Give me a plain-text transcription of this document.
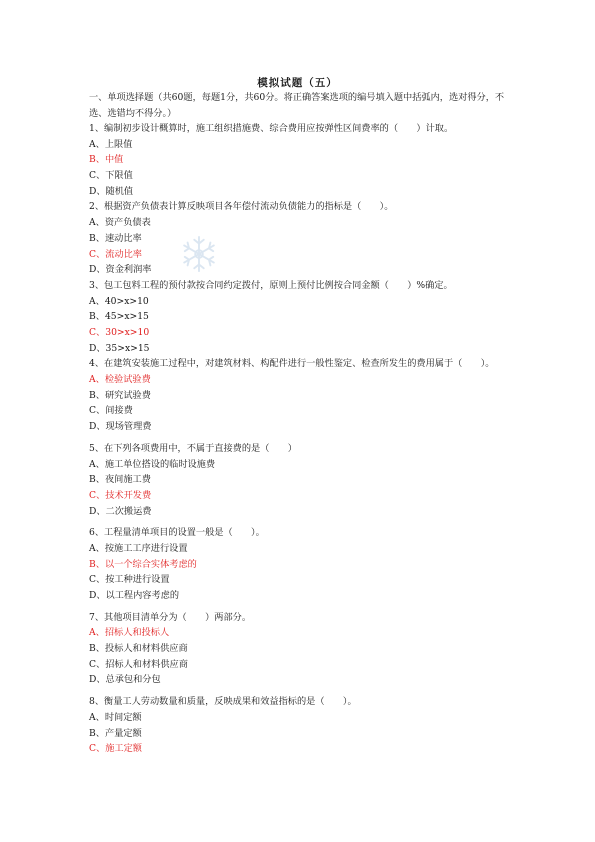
模拟试题（五）
一、单项选择题（共60题，每题1分，共60分。将正确答案选项的编号填入题中括弧内，选对得分，不选、选错均不得分。）
1、编制初步设计概算时，施工组织措施费、综合费用应按弹性区间费率的（　　）计取。
A、上限值
B、中值
C、下限值
D、随机值
2、根据资产负债表计算反映项目各年偿付流动负债能力的指标是（　　）。
A、资产负债表
B、速动比率
C、流动比率
D、资金利润率
3、包工包料工程的预付款按合同约定拨付，原则上预付比例按合同金额（　　）%确定。
A、40>x>10
B、45>x>15
C、30>x>10
D、35>x>15
4、在建筑安装施工过程中，对建筑材料、构配件进行一般性鉴定、检查所发生的费用属于（　　）。
A、检验试验费
B、研究试验费
C、间接费
D、现场管理费
5、在下列各项费用中，不属于直接费的是（　　）
A、施工单位搭设的临时设施费
B、夜间施工费
C、技术开发费
D、二次搬运费
6、工程量清单项目的设置一般是（　　）。
A、按施工工序进行设置
B、以一个综合实体考虑的
C、按工种进行设置
D、以工程内容考虑的
7、其他项目清单分为（　　）两部分。
A、招标人和投标人
B、投标人和材料供应商
C、招标人和材料供应商
D、总承包和分包
8、衡量工人劳动数量和质量，反映成果和效益指标的是（　　）。
A、时间定额
B、产量定额
C、施工定额
